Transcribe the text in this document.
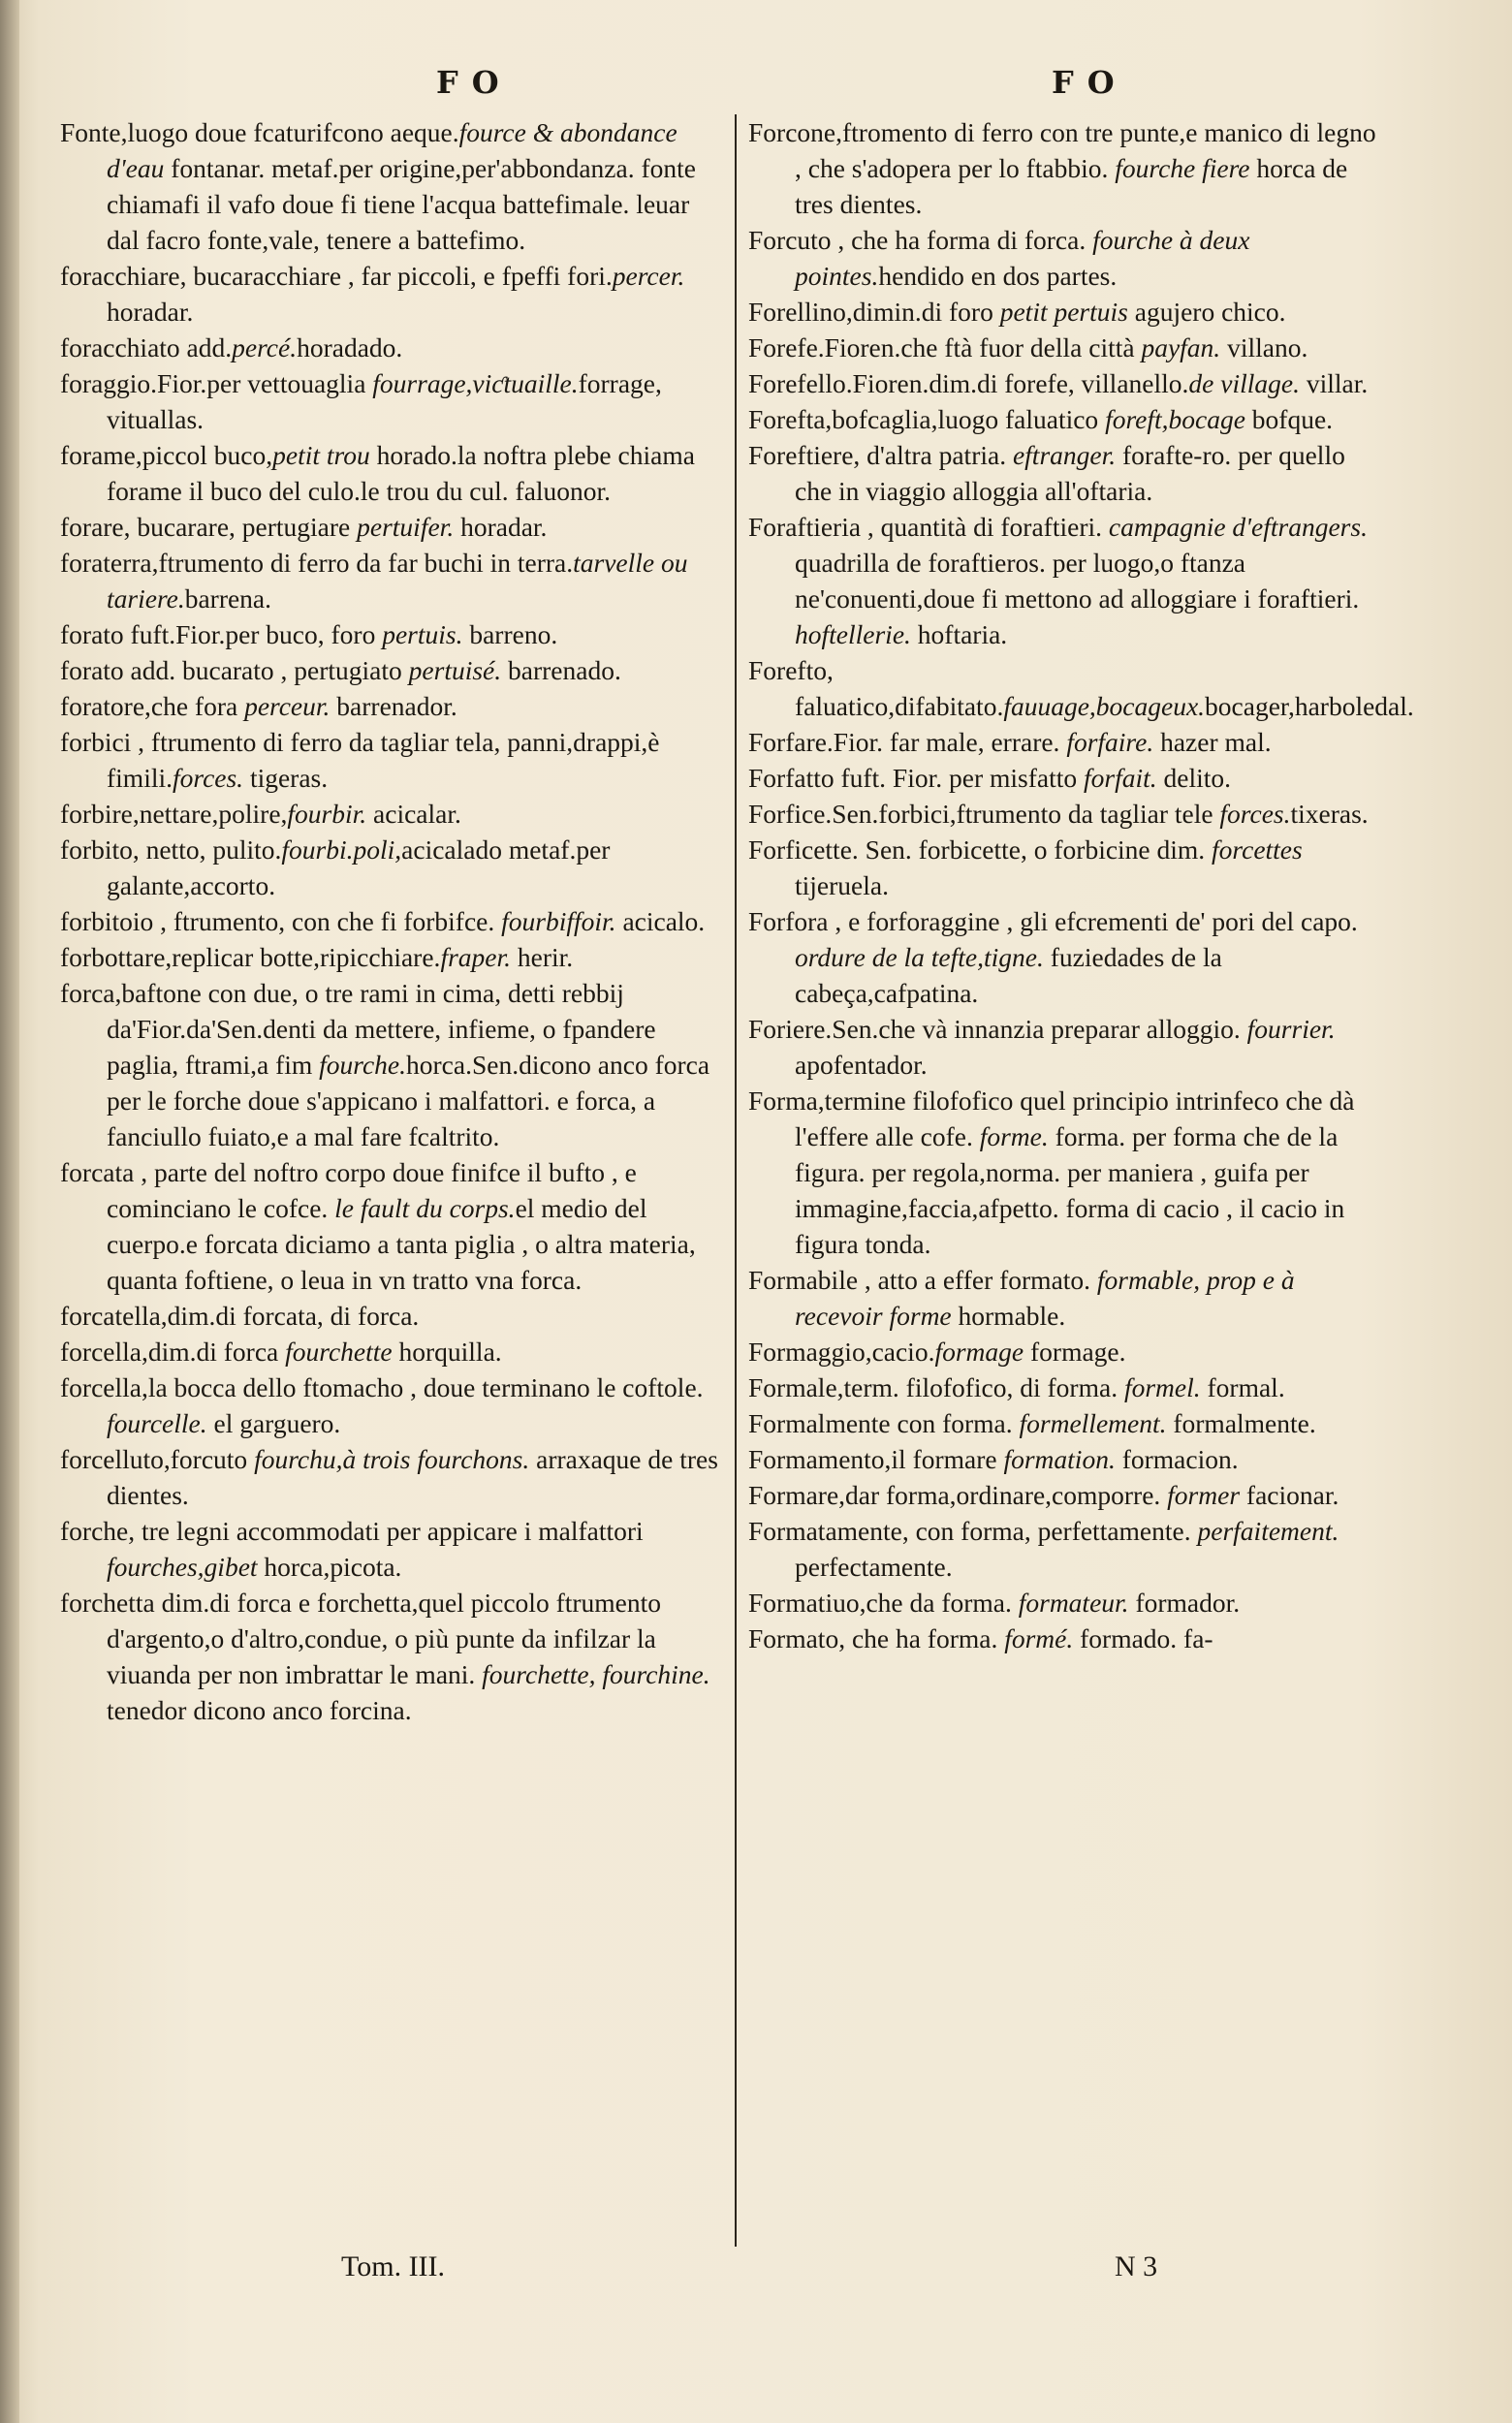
FO	FO

Fonte,luogo doue fcaturifcono aeque.fource & abondance d'eau fontanar. metaf.per origine,per'abbondanza. fonte chiamafi il vafo doue fi tiene l'acqua battefimale. leuar dal facro fonte,vale, tenere a battefimo.

foracchiare, bucaracchiare , far piccoli, e fpeffi fori.percer. horadar.

foracchiato add.percé.horadado.

foraggio.Fior.per vettouaglia fourrage,viƈtuaille.forrage, vituallas.

forame,piccol buco,petit trou horado.la noftra plebe chiama forame il buco del culo.le trou du cul. faluonor.

forare, bucarare, pertugiare pertuifer. horadar.

foraterra,ftrumento di ferro da far buchi in terra.tarvelle ou tariere.barrena.

forato fuft.Fior.per buco, foro pertuis. barreno.

forato add. bucarato , pertugiato pertuisé. barrenado.

foratore,che fora perceur. barrenador.

forbici , ftrumento di ferro da tagliar tela, panni,drappi,è fimili.forces. tigeras.

forbire,nettare,polire,fourbir. acicalar.

forbito, netto, pulito.fourbi.poli,acicalado metaf.per galante,accorto.

forbitoio , ftrumento, con che fi forbifce. fourbiffoir. acicalo.

forbottare,replicar botte,ripicchiare.fraper. herir.

forca,baftone con due, o tre rami in cima, detti rebbij da'Fior.da'Sen.denti da mettere, infieme, o fpandere paglia, ftrami,a fim fourche.horca.Sen.dicono anco forca per le forche doue s'appicano i malfattori. e forca, a fanciullo fuiato,e a mal fare fcaltrito.

forcata , parte del noftro corpo doue finifce il bufto , e cominciano le cofce. le fault du corps.el medio del cuerpo.e forcata diciamo a tanta piglia , o altra materia, quanta foftiene, o leua in vn tratto vna forca.

forcatella,dim.di forcata, di forca.

forcella,dim.di forca fourchette horquilla.

forcella,la bocca dello ftomacho , doue terminano le coftole. fourcelle. el garguero.

forcelluto,forcuto fourchu,à trois fourchons. arraxaque de tres dientes.

forche, tre legni accommodati per appicare i malfattori fourches,gibet horca,picota.

forchetta dim.di forca e forchetta,quel piccolo ftrumento d'argento,o d'altro,condue, o più punte da infilzar la viuanda per non imbrattar le mani. fourchette, fourchine. tenedor dicono anco forcina.

Forcone,ftromento di ferro con tre punte,e manico di legno , che s'adopera per lo ftabbio. fourche fiere horca de tres dientes.

Forcuto , che ha forma di forca. fourche à deux pointes.hendido en dos partes.

Forellino,dimin.di foro petit pertuis agujero chico.

Forefe.Fioren.che ftà fuor della città payfan. villano.

Forefello.Fioren.dim.di forefe, villanello.de village. villar.

Forefta,bofcaglia,luogo faluatico foreft,bocage bofque.

Foreftiere, d'altra patria. eftranger. forafte-ro. per quello che in viaggio alloggia all'oftaria.

Foraftieria , quantità di foraftieri. campagnie d'eftrangers. quadrilla de foraftieros. per luogo,o ftanza ne'conuenti,doue fi mettono ad alloggiare i foraftieri. hoftellerie. hoftaria.

Forefto, faluatico,difabitato.fauuage,bocageux.bocager,harboledal.

Forfare.Fior. far male, errare. forfaire. hazer mal.

Forfatto fuft. Fior. per misfatto forfait. delito.

Forfice.Sen.forbici,ftrumento da tagliar tele forces.tixeras.

Forficette. Sen. forbicette, o forbicine dim. forcettes tijeruela.

Forfora , e forforaggine , gli efcrementi de' pori del capo. ordure de la tefte,tigne. fuziedades de la cabeça,cafpatina.

Foriere.Sen.che và innanzia preparar alloggio. fourrier. apofentador.

Forma,termine filofofico quel principio intrinfeco che dà l'effere alle cofe. forme. forma. per forma che de la figura. per regola,norma. per maniera , guifa per immagine,faccia,afpetto. forma di cacio , il cacio in figura tonda.

Formabile , atto a effer formato. formable, prop e à recevoir forme hormable.

Formaggio,cacio.formage formage.

Formale,term. filofofico, di forma. formel. formal.

Formalmente con forma. formellement. formalmente.

Formamento,il formare formation. formacion.

Formare,dar forma,ordinare,comporre. former facionar.

Formatamente, con forma, perfettamente. perfaitement. perfectamente.

Formatiuo,che da forma. formateur. formador.

Formato, che ha forma. formé. formado. fa-

Tom. III.	N 3
